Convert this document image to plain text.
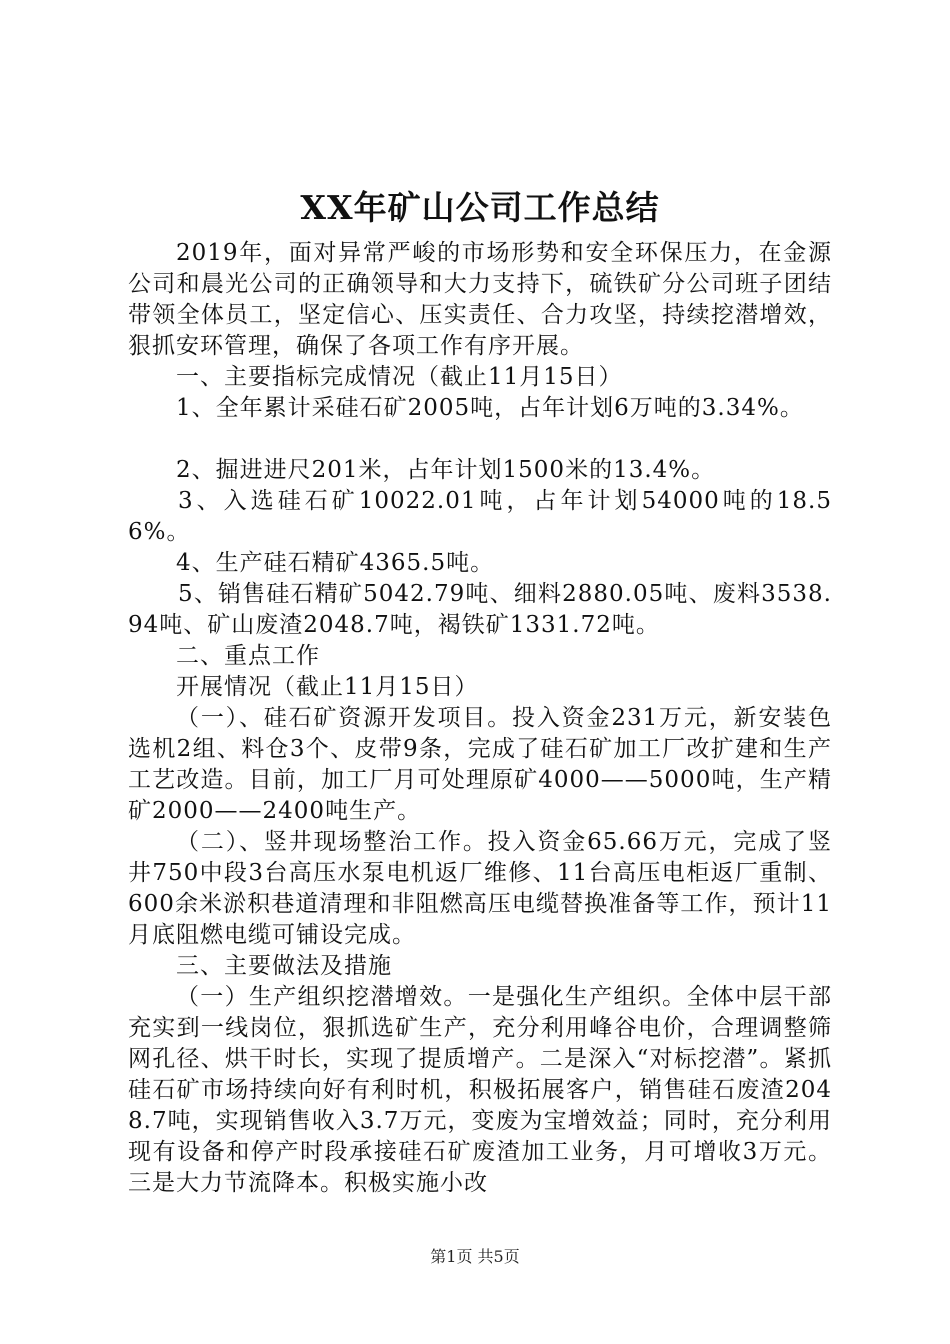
XX年矿山公司工作总结

2019年，面对异常严峻的市场形势和安全环保压力，在金源公司和晨光公司的正确领导和大力支持下，硫铁矿分公司班子团结带领全体员工，坚定信心、压实责任、合力攻坚，持续挖潜增效，狠抓安环管理，确保了各项工作有序开展。

一、主要指标完成情况（截止11月15日）

1、全年累计采硅石矿2005吨，占年计划6万吨的3.34%。

2、掘进进尺201米，占年计划1500米的13.4%。

3、入选硅石矿10022.01吨，占年计划54000吨的18.56%。

4、生产硅石精矿4365.5吨。

5、销售硅石精矿5042.79吨、细料2880.05吨、废料3538.94吨、矿山废渣2048.7吨，褐铁矿1331.72吨。

二、重点工作

开展情况（截止11月15日）

（一）、硅石矿资源开发项目。投入资金231万元，新安装色选机2组、料仓3个、皮带9条，完成了硅石矿加工厂改扩建和生产工艺改造。目前，加工厂月可处理原矿4000——5000吨，生产精矿2000——2400吨生产。

（二）、竖井现场整治工作。投入资金65.66万元，完成了竖井750中段3台高压水泵电机返厂维修、11台高压电柜返厂重制、600余米淤积巷道清理和非阻燃高压电缆替换准备等工作，预计11月底阻燃电缆可铺设完成。

三、主要做法及措施

（一）生产组织挖潜增效。一是强化生产组织。全体中层干部充实到一线岗位，狠抓选矿生产，充分利用峰谷电价，合理调整筛网孔径、烘干时长，实现了提质增产。二是深入“对标挖潜”。紧抓硅石矿市场持续向好有利时机，积极拓展客户，销售硅石废渣2048.7吨，实现销售收入3.7万元，变废为宝增效益；同时，充分利用现有设备和停产时段承接硅石矿废渣加工业务，月可增收3万元。三是大力节流降本。积极实施小改

第1页 共5页
